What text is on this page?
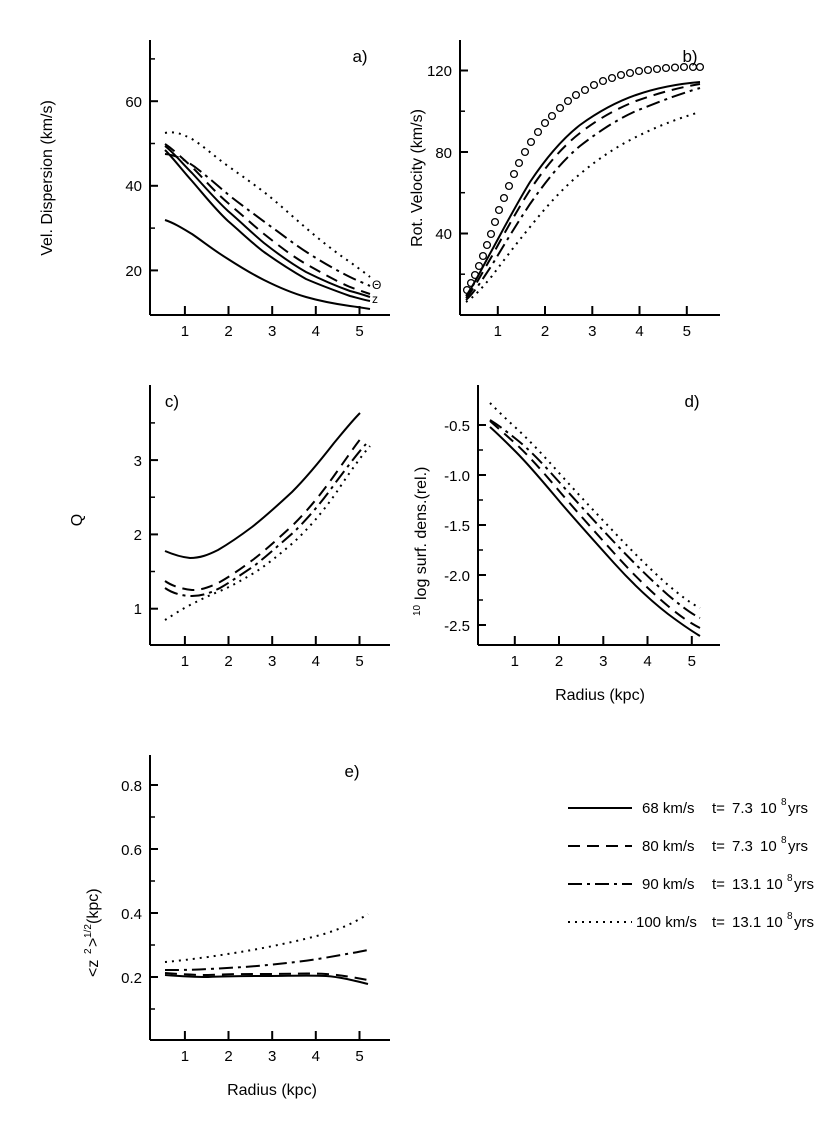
20
40
60
1 2 3 4 5
Vel. Dispersion (km/s)
a)
Θ
z
40
80
120
1	2	3	4	5
Rot. Velocity (km/s)
b)
1
2
3
1 2 3 4 5
Q
c)
-0.5
-1.0
-1.5
-2.0
-2.5
1 2 3 4 5
10
log surf. dens.(rel.)
Radius (kpc)
d)
0.2
0.4
0.6
0.8
1 2 3 4 5
<z
2
>
1/2
(kpc)
Radius (kpc)
e)
68 km/s t= 7.3 10 8 yrs
80 km/s t= 7.3 10 8 yrs
90 km/s t= 13.1 10 8 yrs
100 km/s t= 13.1 10 8 yrs
